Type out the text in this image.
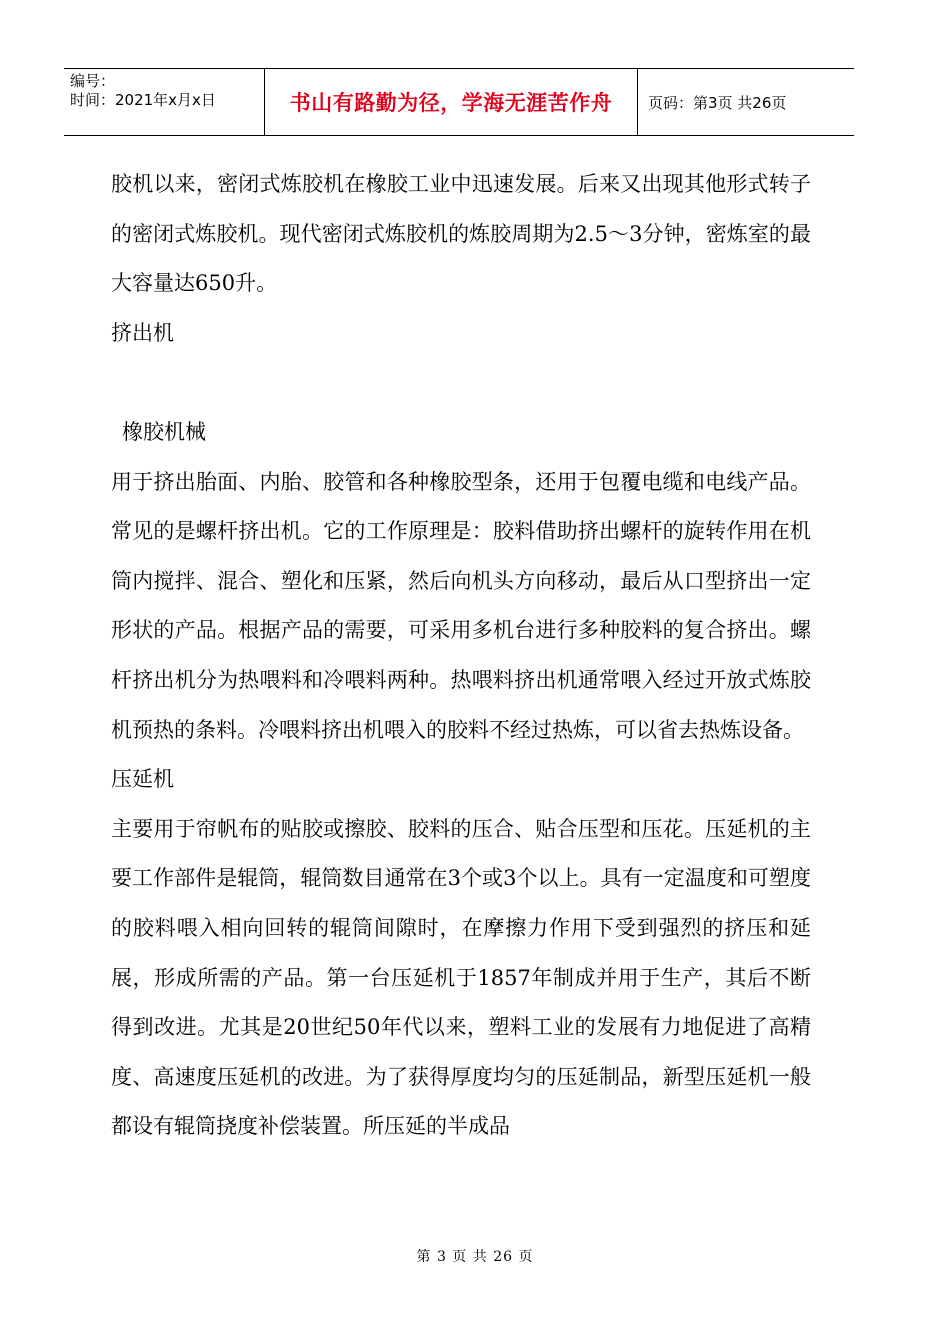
编号：
时间：2021年x月x日	书山有路勤为径，学海无涯苦作舟	页码：第3页 共26页

胶机以来，密闭式炼胶机在橡胶工业中迅速发展。后来又出现其他形式转子的密闭式炼胶机。现代密闭式炼胶机的炼胶周期为2.5～3分钟，密炼室的最大容量达650升。

挤出机

橡胶机械

用于挤出胎面、内胎、胶管和各种橡胶型条，还用于包覆电缆和电线产品。常见的是螺杆挤出机。它的工作原理是：胶料借助挤出螺杆的旋转作用在机筒内搅拌、混合、塑化和压紧，然后向机头方向移动，最后从口型挤出一定形状的产品。根据产品的需要，可采用多机台进行多种胶料的复合挤出。螺杆挤出机分为热喂料和冷喂料两种。热喂料挤出机通常喂入经过开放式炼胶机预热的条料。冷喂料挤出机喂入的胶料不经过热炼，可以省去热炼设备。

压延机

主要用于帘帆布的贴胶或擦胶、胶料的压合、贴合压型和压花。压延机的主要工作部件是辊筒，辊筒数目通常在3个或3个以上。具有一定温度和可塑度的胶料喂入相向回转的辊筒间隙时，在摩擦力作用下受到强烈的挤压和延展，形成所需的产品。第一台压延机于1857年制成并用于生产，其后不断得到改进。尤其是20世纪50年代以来，塑料工业的发展有力地促进了高精度、高速度压延机的改进。为了获得厚度均匀的压延制品，新型压延机一般都设有辊筒挠度补偿装置。所压延的半成品

第 3 页 共 26 页
